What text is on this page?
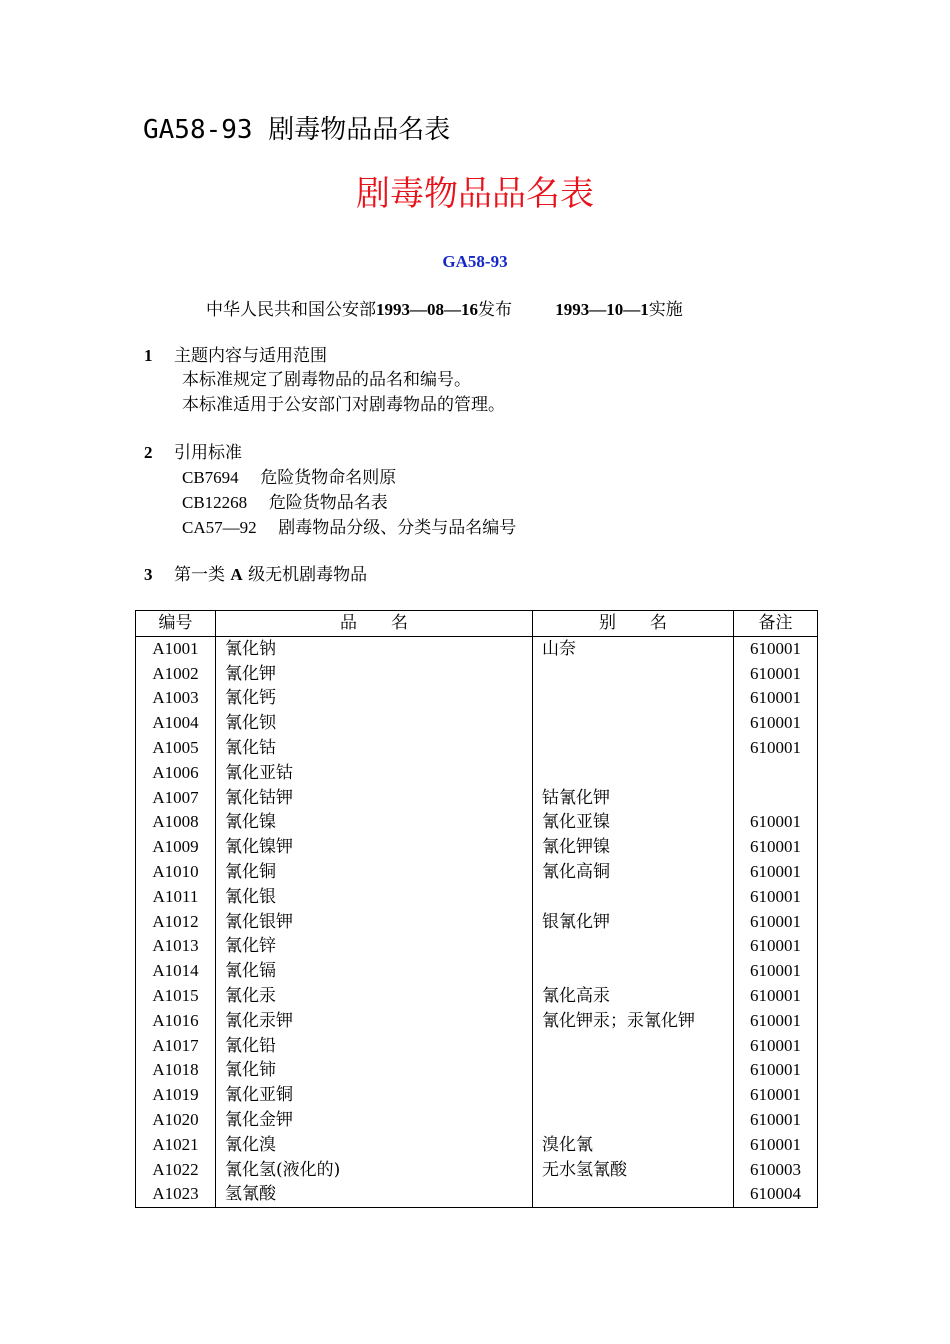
GA58-93 剧毒物品品名表
剧毒物品品名表
GA58-93
中华人民共和国公安部1993—08—16发布	1993—10—1实施
1 主题内容与适用范围
本标准规定了剧毒物品的品名和编号。
本标准适用于公安部门对剧毒物品的管理。
2 引用标准
CB7694 危险货物命名则原
CB12268 危险货物品名表
CA57—92 剧毒物品分级、分类与品名编号
3 第一类 A 级无机剧毒物品
编号	品　　名	别　　名	备注
A1001	氰化钠	山奈	610001
A1002	氰化钾		610001
A1003	氰化钙		610001
A1004	氰化钡		610001
A1005	氰化钴		610001
A1006	氰化亚钴		
A1007	氰化钴钾	钴氰化钾	
A1008	氰化镍	氰化亚镍	610001
A1009	氰化镍钾	氰化钾镍	610001
A1010	氰化铜	氰化高铜	610001
A1011	氰化银		610001
A1012	氰化银钾	银氰化钾	610001
A1013	氰化锌		610001
A1014	氰化镉		610001
A1015	氰化汞	氰化高汞	610001
A1016	氰化汞钾	氰化钾汞；汞氰化钾	610001
A1017	氰化铅		610001
A1018	氰化铈		610001
A1019	氰化亚铜		610001
A1020	氰化金钾		610001
A1021	氰化溴	溴化氰	610001
A1022	氰化氢(液化的)	无水氢氰酸	610003
A1023	氢氰酸		610004
